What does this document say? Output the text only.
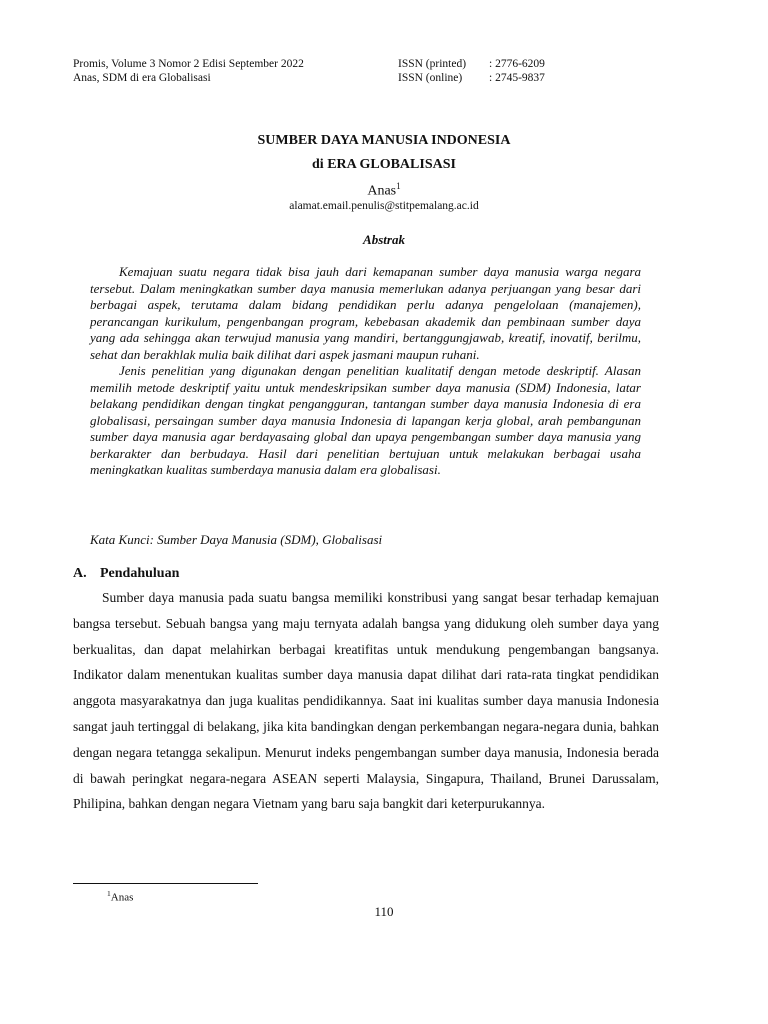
Promis, Volume 3 Nomor 2 Edisi September 2022
Anas, SDM di era Globalisasi
ISSN (printed)
ISSN (online)
: 2776-6209
: 2745-9837
SUMBER DAYA MANUSIA INDONESIA
di ERA GLOBALISASI
Anas$^1$
alamat.email.penulis@stitpemalang.ac.id
Abstrak

Kemajuan suatu negara tidak bisa jauh dari kemapanan sumber daya manusia warga negara tersebut. Dalam meningkatkan sumber daya manusia memerlukan adanya perjuangan yang besar dari berbagai aspek, terutama dalam bidang pendidikan perlu adanya pengelolaan (manajemen), perancangan kurikulum, pengenbangan program, kebebasan akademik dan pembinaan sumber daya yang ada sehingga akan terwujud manusia yang mandiri, bertanggungjawab, kreatif, inovatif, berilmu, sehat dan berakhlak mulia baik dilihat dari aspek jasmani maupun ruhani.

Jenis penelitian yang digunakan dengan penelitian kualitatif dengan metode deskriptif. Alasan memilih metode deskriptif yaitu untuk mendeskripsikan sumber daya manusia (SDM) Indonesia, latar belakang pendidikan dengan tingkat pengangguran, tantangan sumber daya manusia Indonesia di era globalisasi, persaingan sumber daya manusia Indonesia di lapangan kerja global, arah pembangunan sumber daya manusia agar berdayasaing global dan upaya pengembangan sumber daya manusia yang berkarakter dan berbudaya. Hasil dari penelitian bertujuan untuk melakukan berbagai usaha meningkatkan kualitas sumberdaya manusia dalam era globalisasi.

Kata Kunci: Sumber Daya Manusia (SDM), Globalisasi
A. Pendahuluan

Sumber daya manusia pada suatu bangsa memiliki konstribusi yang sangat besar terhadap kemajuan bangsa tersebut. Sebuah bangsa yang maju ternyata adalah bangsa yang didukung oleh sumber daya yang berkualitas, dan dapat melahirkan berbagai kreatifitas untuk mendukung pengembangan bangsanya. Indikator dalam menentukan kualitas sumber daya manusia dapat dilihat dari rata-rata tingkat pendidikan anggota masyarakatnya dan juga kualitas pendidikannya. Saat ini kualitas sumber daya manusia Indonesia sangat jauh tertinggal di belakang, jika kita bandingkan dengan perkembangan negara-negara dunia, bahkan dengan negara tetangga sekalipun. Menurut indeks pengembangan sumber daya manusia, Indonesia berada di bawah peringkat negara-negara ASEAN seperti Malaysia, Singapura, Thailand, Brunei Darussalam, Philipina, bahkan dengan negara Vietnam yang baru saja bangkit dari keterpurukannya.

$^1$Anas
110
